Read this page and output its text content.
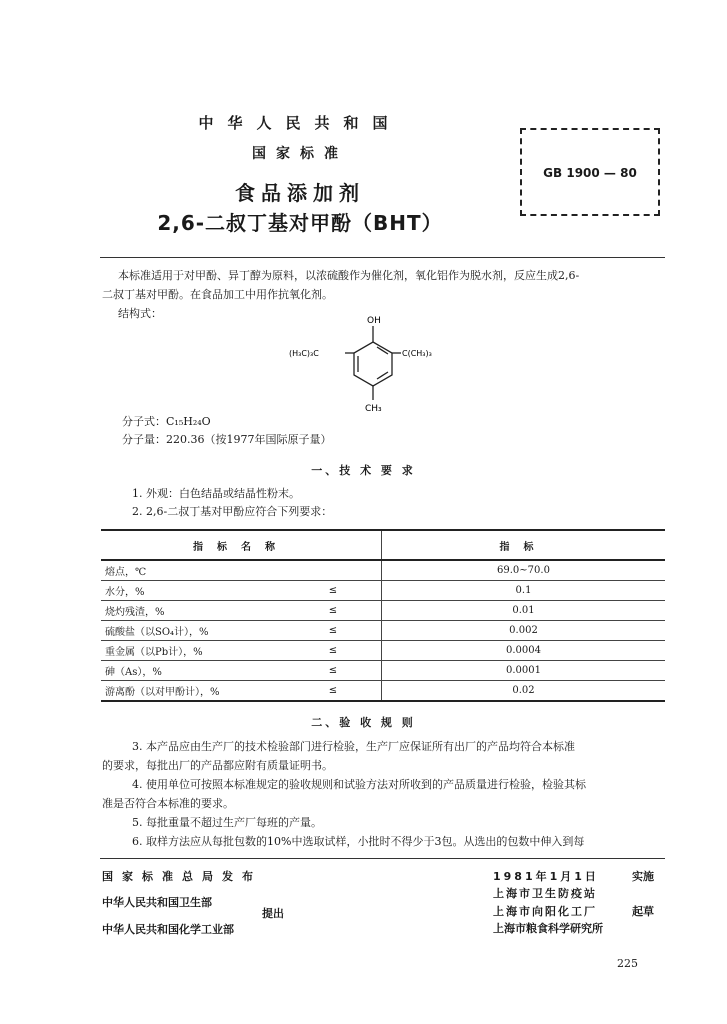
中华人民共和国
国家标准
食品添加剂
2,6-二叔丁基对甲酚（BHT）
GB 1900 — 80
本标准适用于对甲酚、异丁醇为原料，以浓硫酸作为催化剂，氧化铝作为脱水剂，反应生成2,6-
二叔丁基对甲酚。在食品加工中用作抗氧化剂。
结构式：
OH
(H₃C)₃C	C(CH₃)₃
CH₃
分子式：C₁₅H₂₄O
分子量：220.36（按1977年国际原子量）
一、技 术 要 求
1. 外观：白色结晶或结晶性粉末。
2. 2,6-二叔丁基对甲酚应符合下列要求：
指标名称		指标
熔点，℃		69.0~70.0
水分，%	≤	0.1
烧灼残渣，%	≤	0.01
硫酸盐（以SO₄计），%	≤	0.002
重金属（以Pb计），%	≤	0.0004
砷（As），%	≤	0.0001
游离酚（以对甲酚计），%	≤	0.02
二、验 收 规 则
3. 本产品应由生产厂的技术检验部门进行检验，生产厂应保证所有出厂的产品均符合本标准
的要求，每批出厂的产品都应附有质量证明书。
4. 使用单位可按照本标准规定的验收规则和试验方法对所收到的产品质量进行检验，检验其标
准是否符合本标准的要求。
5. 每批重量不超过生产厂每班的产量。
6. 取样方法应从每批包数的10%中选取试样，小批时不得少于3包。从选出的包数中伸入到每
国家标准总局发布
中华人民共和国卫生部
中华人民共和国化学工业部
提出
1981年1月1日	实施
上海市卫生防疫站
上海市向阳化工厂	起草
上海市粮食科学研究所
225
